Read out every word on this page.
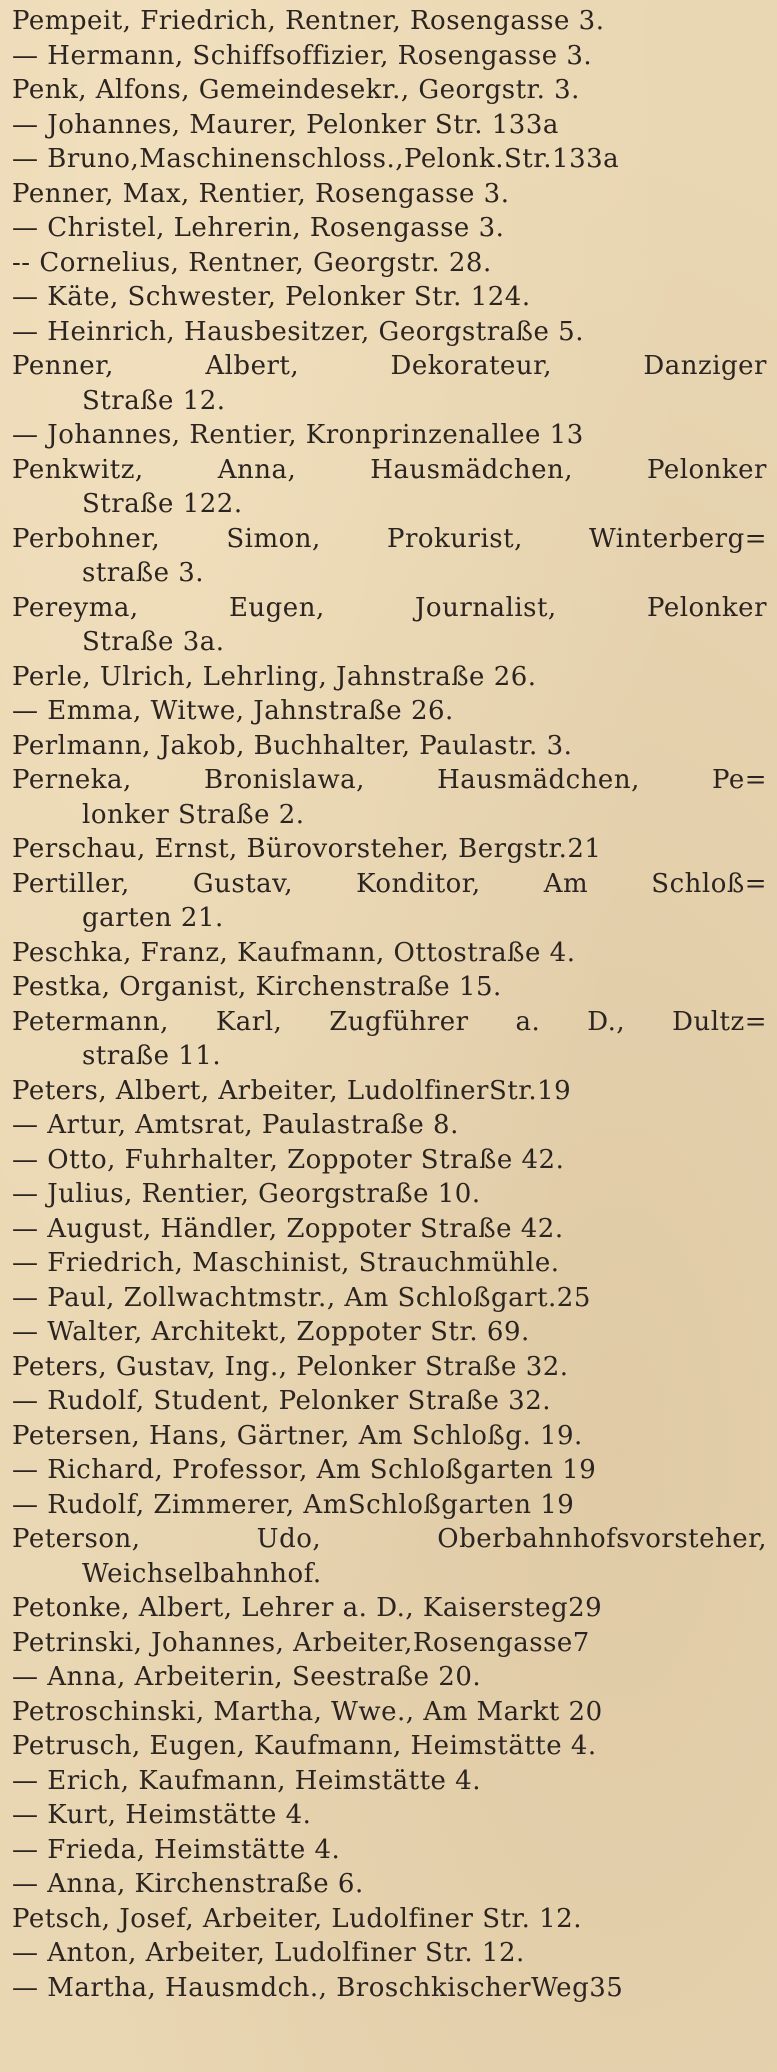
Pempeit, Friedrich, Rentner, Rosengasse 3.
— Hermann, Schiffsoffizier, Rosengasse 3.
Penk, Alfons, Gemeindesekr., Georgstr. 3.
— Johannes, Maurer, Pelonker Str. 133a
— Bruno,Maschinenschloss.,Pelonk.Str.133a
Penner, Max, Rentier, Rosengasse 3.
— Christel, Lehrerin, Rosengasse 3.
-- Cornelius, Rentner, Georgstr. 28.
— Käte, Schwester, Pelonker Str. 124.
— Heinrich, Hausbesitzer, Georgstraße 5.
Penner, Albert, Dekorateur, Danziger
Straße 12.
— Johannes, Rentier, Kronprinzenallee 13
Penkwitz, Anna, Hausmädchen, Pelonker
Straße 122.
Perbohner, Simon, Prokurist, Winterberg=
straße 3.
Pereyma, Eugen, Journalist, Pelonker
Straße 3a.
Perle, Ulrich, Lehrling, Jahnstraße 26.
— Emma, Witwe, Jahnstraße 26.
Perlmann, Jakob, Buchhalter, Paulastr. 3.
Perneka, Bronislawa, Hausmädchen, Pe=
lonker Straße 2.
Perschau, Ernst, Bürovorsteher, Bergstr.21
Pertiller, Gustav, Konditor, Am Schloß=
garten 21.
Peschka, Franz, Kaufmann, Ottostraße 4.
Pestka, Organist, Kirchenstraße 15.
Petermann, Karl, Zugführer a. D., Dultz=
straße 11.
Peters, Albert, Arbeiter, LudolfinerStr.19
— Artur, Amtsrat, Paulastraße 8.
— Otto, Fuhrhalter, Zoppoter Straße 42.
— Julius, Rentier, Georgstraße 10.
— August, Händler, Zoppoter Straße 42.
— Friedrich, Maschinist, Strauchmühle.
— Paul, Zollwachtmstr., Am Schloßgart.25
— Walter, Architekt, Zoppoter Str. 69.
Peters, Gustav, Ing., Pelonker Straße 32.
— Rudolf, Student, Pelonker Straße 32.
Petersen, Hans, Gärtner, Am Schloßg. 19.
— Richard, Professor, Am Schloßgarten 19
— Rudolf, Zimmerer, AmSchloßgarten 19
Peterson, Udo, Oberbahnhofsvorsteher,
Weichselbahnhof.
Petonke, Albert, Lehrer a. D., Kaisersteg29
Petrinski, Johannes, Arbeiter,Rosengasse7
— Anna, Arbeiterin, Seestraße 20.
Petroschinski, Martha, Wwe., Am Markt 20
Petrusch, Eugen, Kaufmann, Heimstätte 4.
— Erich, Kaufmann, Heimstätte 4.
— Kurt, Heimstätte 4.
— Frieda, Heimstätte 4.
— Anna, Kirchenstraße 6.
Petsch, Josef, Arbeiter, Ludolfiner Str. 12.
— Anton, Arbeiter, Ludolfiner Str. 12.
— Martha, Hausmdch., BroschkischerWeg35
